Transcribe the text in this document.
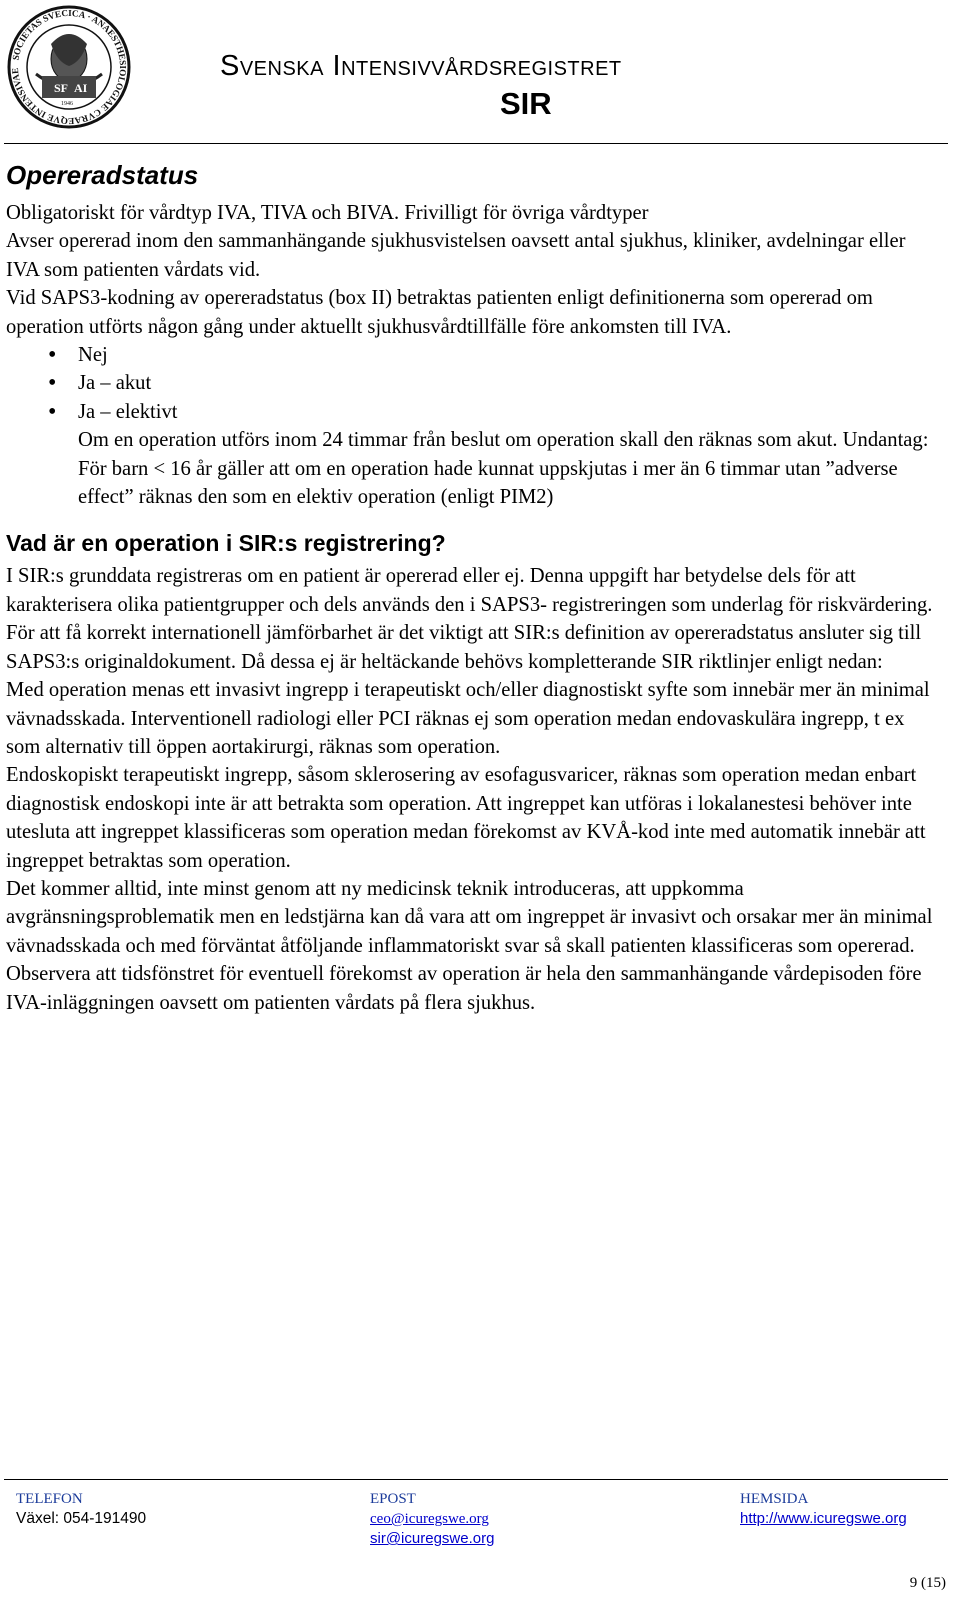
SOCIETAS SVECICA · ANAESTHESIOLOGIAE CVRAEQVE INTENSIVAE
SF AI
1946
Svenska Intensivvårdsregistret
SIR
Opereradstatus

Obligatoriskt för vårdtyp IVA, TIVA och BIVA. Frivilligt för övriga vårdtyper

Avser opererad inom den sammanhängande sjukhusvistelsen oavsett antal sjukhus, kliniker, avdelningar eller IVA som patienten vårdats vid.

Vid SAPS3-kodning av opereradstatus (box II) betraktas patienten enligt definitionerna som opererad om operation utförts någon gång under aktuellt sjukhusvårdtillfälle före ankomsten till IVA.

• Nej
• Ja – akut
• Ja – elektivt

Om en operation utförs inom 24 timmar från beslut om operation skall den räknas som akut. Undantag: För barn < 16 år gäller att om en operation hade kunnat uppskjutas i mer än 6 timmar utan ”adverse effect” räknas den som en elektiv operation (enligt PIM2)

Vad är en operation i SIR:s registrering?

I SIR:s grunddata registreras om en patient är opererad eller ej. Denna uppgift har betydelse dels för att karakterisera olika patientgrupper och dels används den i SAPS3- registreringen som underlag för riskvärdering.

För att få korrekt internationell jämförbarhet är det viktigt att SIR:s definition av opereradstatus ansluter sig till SAPS3:s originaldokument. Då dessa ej är heltäckande behövs kompletterande SIR riktlinjer enligt nedan:

Med operation menas ett invasivt ingrepp i terapeutiskt och/eller diagnostiskt syfte som innebär mer än minimal vävnadsskada. Interventionell radiologi eller PCI räknas ej som operation medan endovaskulära ingrepp, t ex som alternativ till öppen aortakirurgi, räknas som operation.

Endoskopiskt terapeutiskt ingrepp, såsom sklerosering av esofagusvaricer, räknas som operation medan enbart diagnostisk endoskopi inte är att betrakta som operation. Att ingreppet kan utföras i lokalanestesi behöver inte utesluta att ingreppet klassificeras som operation medan förekomst av KVÅ-kod inte med automatik innebär att ingreppet betraktas som operation.

Det kommer alltid, inte minst genom att ny medicinsk teknik introduceras, att uppkomma avgränsningsproblematik men en ledstjärna kan då vara att om ingreppet är invasivt och orsakar mer än minimal vävnadsskada och med förväntat åtföljande inflammatoriskt svar så skall patienten klassificeras som opererad.

Observera att tidsfönstret för eventuell förekomst av operation är hela den sammanhängande vårdepisoden före IVA-inläggningen oavsett om patienten vårdats på flera sjukhus.

TELEFON
Växel: 054-191490
EPOST
ceo@icuregswe.org
sir@icuregswe.org
HEMSIDA
http://www.icuregswe.org
9 (15)
